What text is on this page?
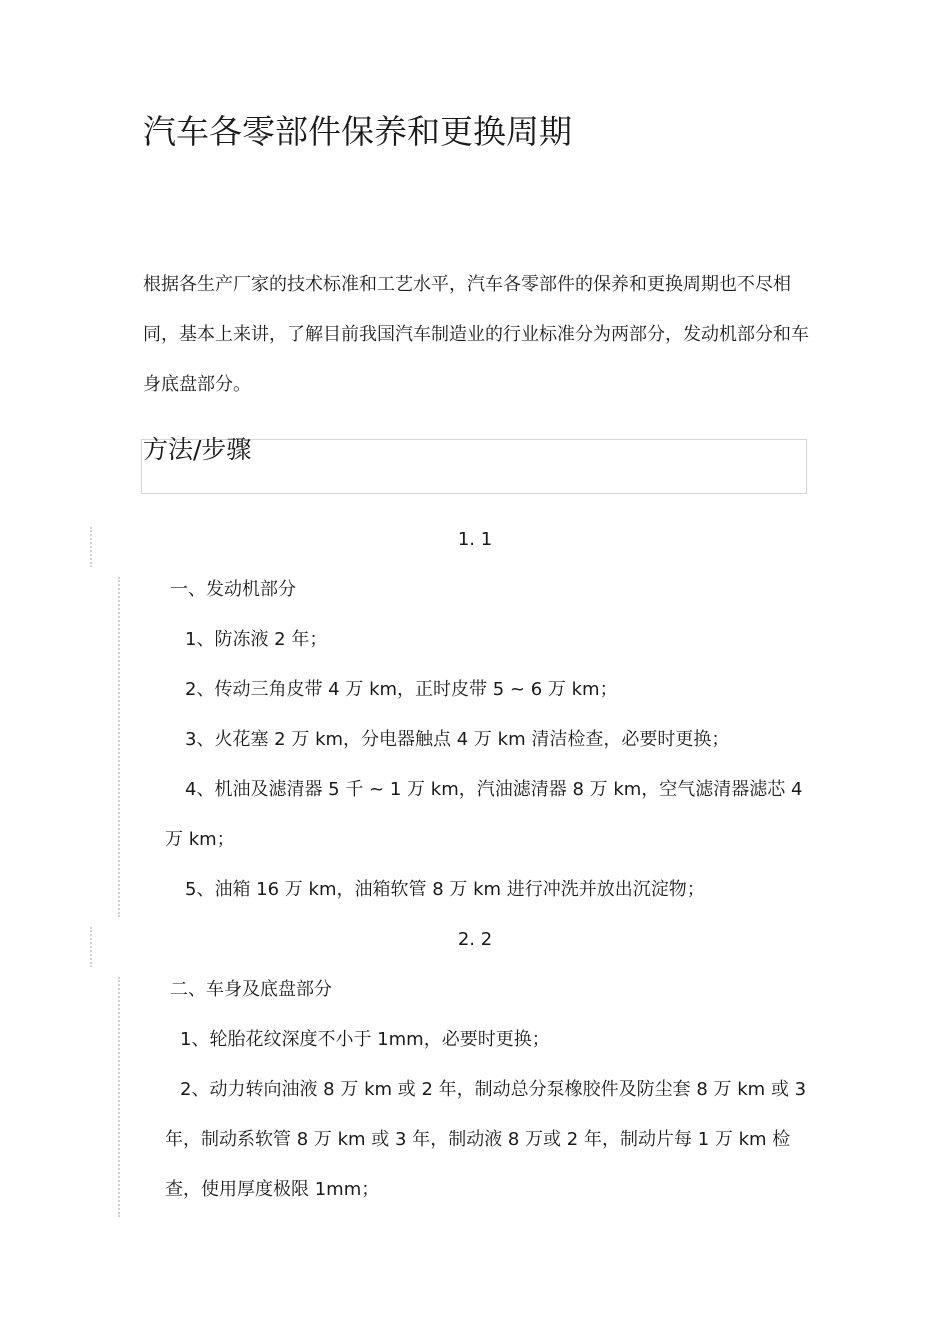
汽车各零部件保养和更换周期

根据各生产厂家的技术标准和工艺水平，汽车各零部件的保养和更换周期也不尽相同，基本上来讲，了解目前我国汽车制造业的行业标准分为两部分，发动机部分和车身底盘部分。

方法/步骤
1. 1
一、发动机部分
1、防冻液 2 年；
2、传动三角皮带 4 万 km，正时皮带 5 ~ 6 万 km；
3、火花塞 2 万 km，分电器触点 4 万 km 清洁检查，必要时更换；
4、机油及滤清器 5 千 ~ 1 万 km，汽油滤清器 8 万 km，空气滤清器滤芯 4 万 km；
5、油箱 16 万 km，油箱软管 8 万 km 进行冲洗并放出沉淀物；
2. 2
二、车身及底盘部分
1、轮胎花纹深度不小于 1mm，必要时更换；
2、动力转向油液 8 万 km 或 2 年，制动总分泵橡胶件及防尘套 8 万 km 或 3 年，制动系软管 8 万 km 或 3 年，制动液 8 万或 2 年，制动片每 1 万 km 检查，使用厚度极限 1mm；
